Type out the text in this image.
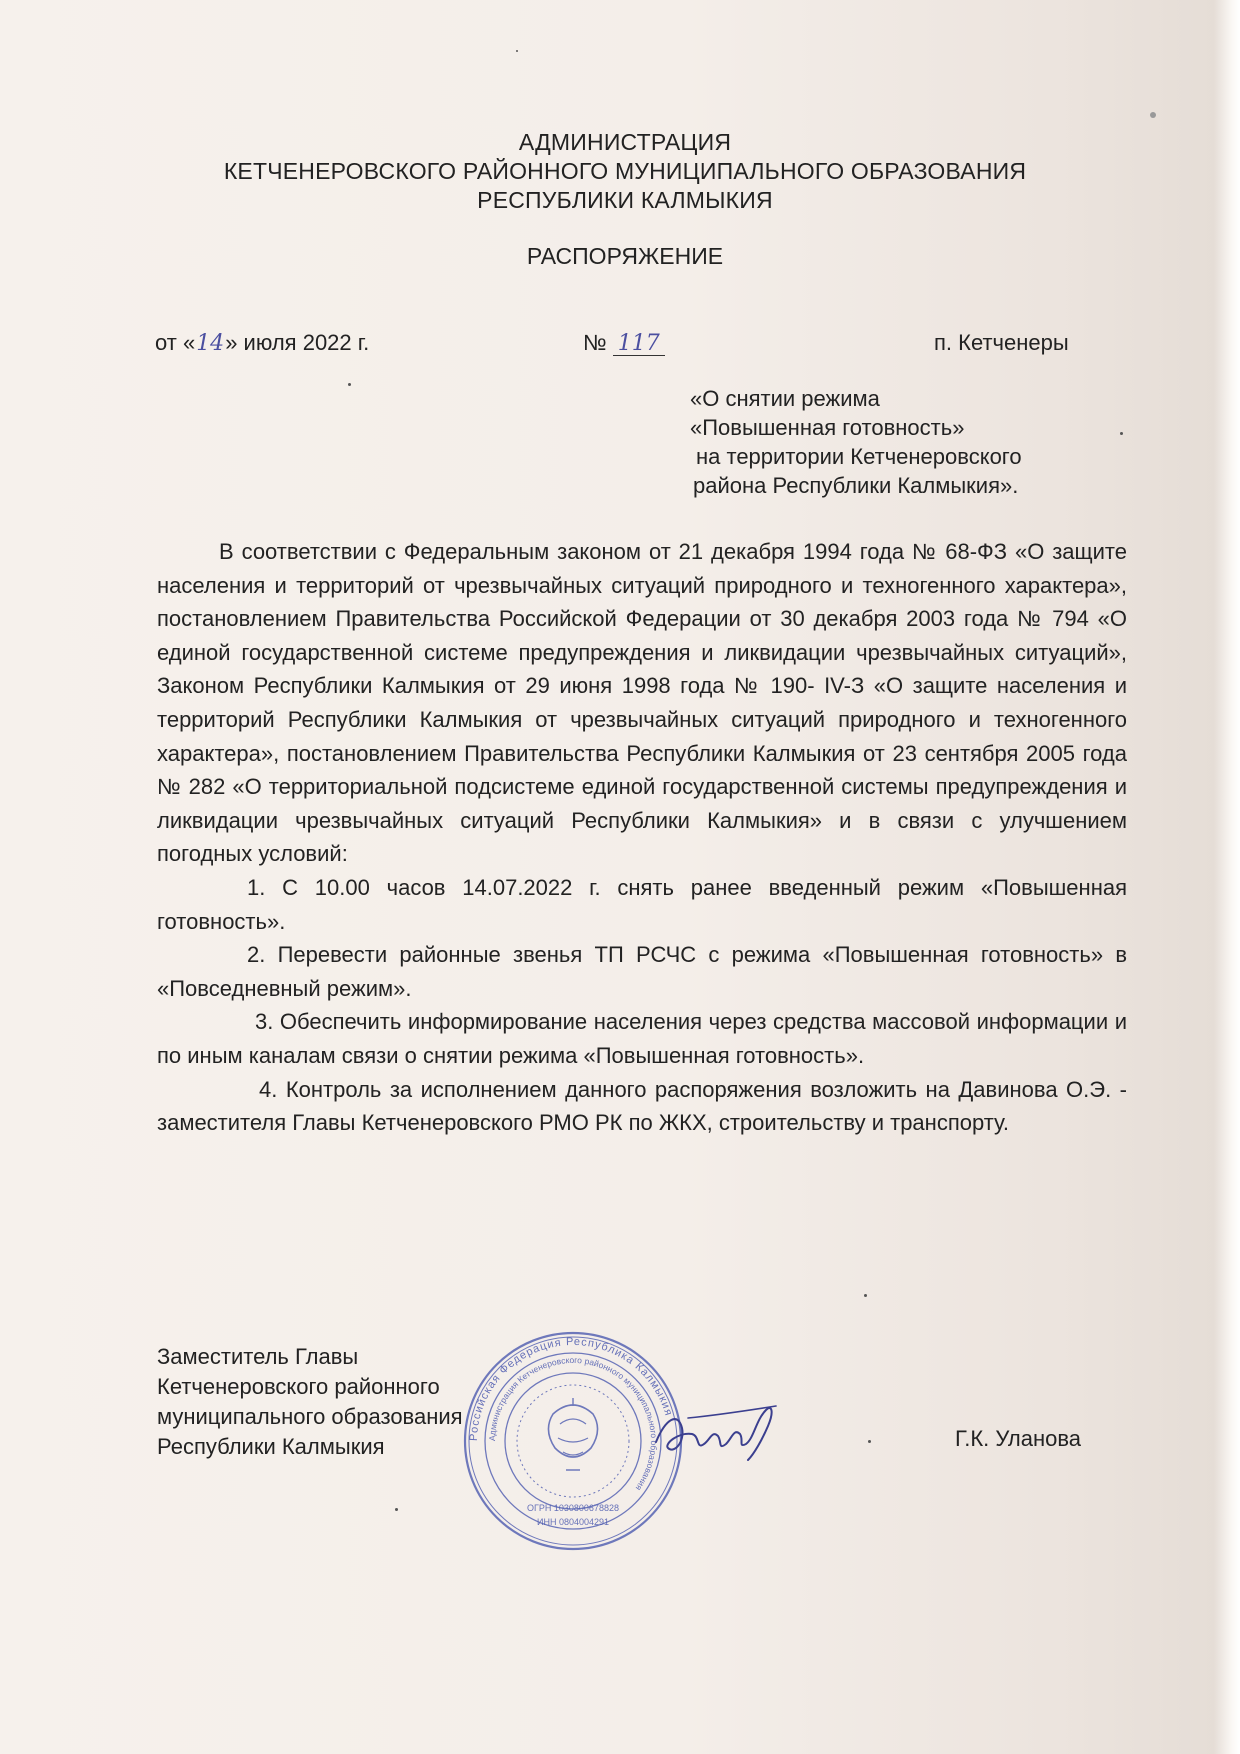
АДМИНИСТРАЦИЯ
КЕТЧЕНЕРОВСКОГО РАЙОННОГО МУНИЦИПАЛЬНОГО ОБРАЗОВАНИЯ
РЕСПУБЛИКИ КАЛМЫКИЯ
РАСПОРЯЖЕНИЕ
от «14» июля 2022 г.	№ 117	п. Кетченеры
«О снятии режима
«Повышенная готовность»
на территории Кетченеровского
района Республики Калмыкия».

В соответствии с Федеральным законом от 21 декабря 1994 года № 68-ФЗ «О защите населения и территорий от чрезвычайных ситуаций природного и техногенного характера», постановлением Правительства Российской Федерации от 30 декабря 2003 года № 794 «О единой государственной системе предупреждения и ликвидации чрезвычайных ситуаций», Законом Республики Калмыкия от 29 июня 1998 года № 190- IV-З «О защите населения и территорий Республики Калмыкия от чрезвычайных ситуаций природного и техногенного характера», постановлением Правительства Республики Калмыкия от 23 сентября 2005 года № 282 «О территориальной подсистеме единой государственной системы предупреждения и ликвидации чрезвычайных ситуаций Республики Калмыкия» и в связи с улучшением погодных условий:

1. С 10.00 часов 14.07.2022 г. снять ранее введенный режим «Повышенная готовность».

2. Перевести районные звенья ТП РСЧС с режима «Повышенная готовность» в «Повседневный режим».

3. Обеспечить информирование населения через средства массовой информации и по иным каналам связи о снятии режима «Повышенная готовность».

4. Контроль за исполнением данного распоряжения возложить на Давинова О.Э. - заместителя Главы Кетченеровского РМО РК по ЖКХ, строительству и транспорту.

Заместитель Главы
Кетченеровского районного
муниципального образования
Республики Калмыкия	Г.К. Уланова
Российская Федерация Республика Калмыкия
Администрация Кетченеровского районного муниципального образования
ОГРН 1030800678828
ИНН 0804004291
